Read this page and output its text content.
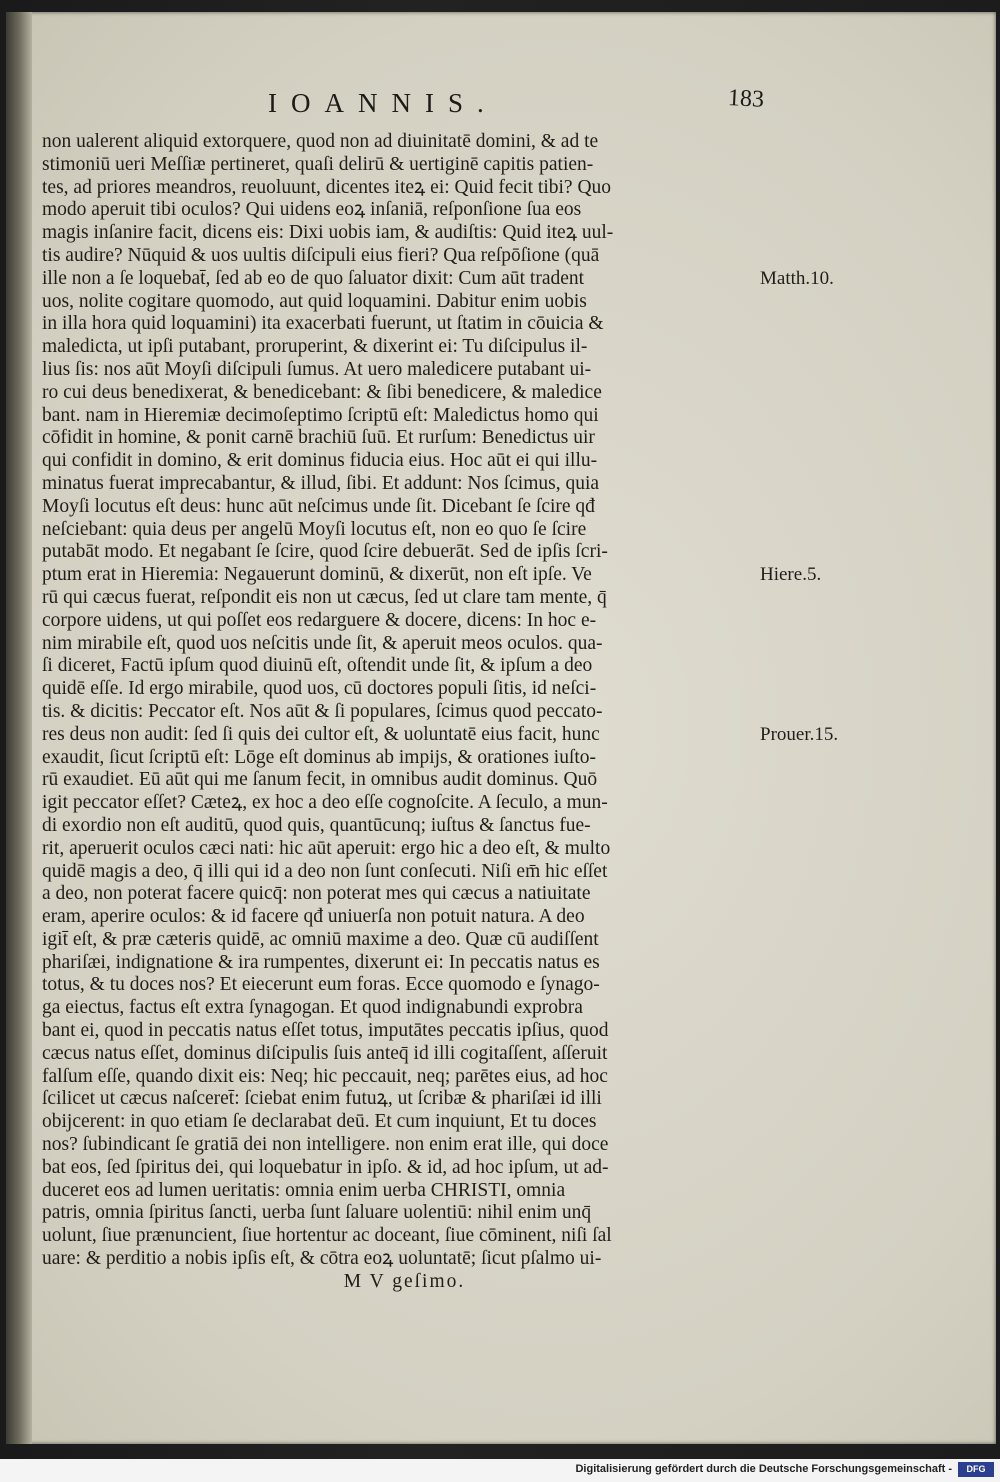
IOANNIS.	183
non ualerent aliquid extorquere, quod non ad diuinitatē domini, & ad te
stimoniū ueri Meſſiæ pertineret, quaſi delirū & uertiginē capitis patien-
tes, ad priores meandros, reuoluunt, dicentes iteꝝ ei: Quid fecit tibi? Quo
modo aperuit tibi oculos? Qui uidens eoꝝ inſaniā, reſponſione ſua eos
magis inſanire facit, dicens eis: Dixi uobis iam, & audiſtis: Quid iteꝝ uul-
tis audire? Nūquid & uos uultis diſcipuli eius fieri? Qua reſpōſione (quā
ille non a ſe loquebat̄, ſed ab eo de quo ſaluator dixit: Cum aūt tradent
uos, nolite cogitare quomodo, aut quid loquamini. Dabitur enim uobis
in illa hora quid loquamini) ita exacerbati fuerunt, ut ſtatim in cōuicia &
maledicta, ut ipſi putabant, proruperint, & dixerint ei: Tu diſcipulus il-
lius ſis: nos aūt Moyſi diſcipuli ſumus. At uero maledicere putabant ui-
ro cui deus benedixerat, & benedicebant: & ſibi benedicere, & maledice
bant. nam in Hieremiæ decimoſeptimo ſcriptū eſt: Maledictus homo qui
cōfidit in homine, & ponit carnē brachiū ſuū. Et rurſum: Benedictus uir
qui confidit in domino, & erit dominus fiducia eius. Hoc aūt ei qui illu-
minatus fuerat imprecabantur, & illud, ſibi. Et addunt: Nos ſcimus, quia
Moyſi locutus eſt deus: hunc aūt neſcimus unde ſit. Dicebant ſe ſcire qđ
neſciebant: quia deus per angelū Moyſi locutus eſt, non eo quo ſe ſcire
putabāt modo. Et negabant ſe ſcire, quod ſcire debuerāt. Sed de ipſis ſcri-
ptum erat in Hieremia: Negauerunt dominū, & dixerūt, non eſt ipſe. Ve
rū qui cæcus fuerat, reſpondit eis non ut cæcus, ſed ut clare tam mente, q̄
corpore uidens, ut qui poſſet eos redarguere & docere, dicens: In hoc e-
nim mirabile eſt, quod uos neſcitis unde ſit, & aperuit meos oculos. qua-
ſi diceret, Factū ipſum quod diuinū eſt, oſtendit unde ſit, & ipſum a deo
quidē eſſe. Id ergo mirabile, quod uos, cū doctores populi ſitis, id neſci-
tis. & dicitis: Peccator eſt. Nos aūt & ſi populares, ſcimus quod peccato-
res deus non audit: ſed ſi quis dei cultor eſt, & uoluntatē eius facit, hunc
exaudit, ſicut ſcriptū eſt: Lōge eſt dominus ab impijs, & orationes iuſto-
rū exaudiet. Eū aūt qui me ſanum fecit, in omnibus audit dominus. Quō
igit peccator eſſet? Cæteꝝ, ex hoc a deo eſſe cognoſcite. A ſeculo, a mun-
di exordio non eſt auditū, quod quis, quantūcunq; iuſtus & ſanctus fue-
rit, aperuerit oculos cæci nati: hic aūt aperuit: ergo hic a deo eſt, & multo
quidē magis a deo, q̄ illi qui id a deo non ſunt conſecuti. Niſi em̄ hic eſſet
a deo, non poterat facere quicq̄: non poterat mes qui cæcus a natiuitate
eram, aperire oculos: & id facere qđ uniuerſa non potuit natura. A deo
igit̄ eſt, & præ cæteris quidē, ac omniū maxime a deo. Quæ cū audiſſent
phariſæi, indignatione & ira rumpentes, dixerunt ei: In peccatis natus es
totus, & tu doces nos? Et eiecerunt eum foras. Ecce quomodo e ſynago-
ga eiectus, factus eſt extra ſynagogan. Et quod indignabundi exprobra
bant ei, quod in peccatis natus eſſet totus, imputātes peccatis ipſius, quod
cæcus natus eſſet, dominus diſcipulis ſuis anteq̄ id illi cogitaſſent, aſſeruit
falſum eſſe, quando dixit eis: Neq; hic peccauit, neq; parētes eius, ad hoc
ſcilicet ut cæcus naſceret̄: ſciebat enim futuꝝ, ut ſcribæ & phariſæi id illi
obijcerent: in quo etiam ſe declarabat deū. Et cum inquiunt, Et tu doces
nos? ſubindicant ſe gratiā dei non intelligere. non enim erat ille, qui doce
bat eos, ſed ſpiritus dei, qui loquebatur in ipſo. & id, ad hoc ipſum, ut ad-
duceret eos ad lumen ueritatis: omnia enim uerba CHRISTI, omnia
patris, omnia ſpiritus ſancti, uerba ſunt ſaluare uolentiū: nihil enim unq̄
uolunt, ſiue prænuncient, ſiue hortentur ac doceant, ſiue cōminent, niſi ſal
uare: & perditio a nobis ipſis eſt, & cōtra eoꝝ uoluntatē; ſicut pſalmo ui-
M V geſimo.
Matth.10.
Hiere.5.
Prouer.15.
Digitalisierung gefördert durch die Deutsche Forschungsgemeinschaft -	DFG
